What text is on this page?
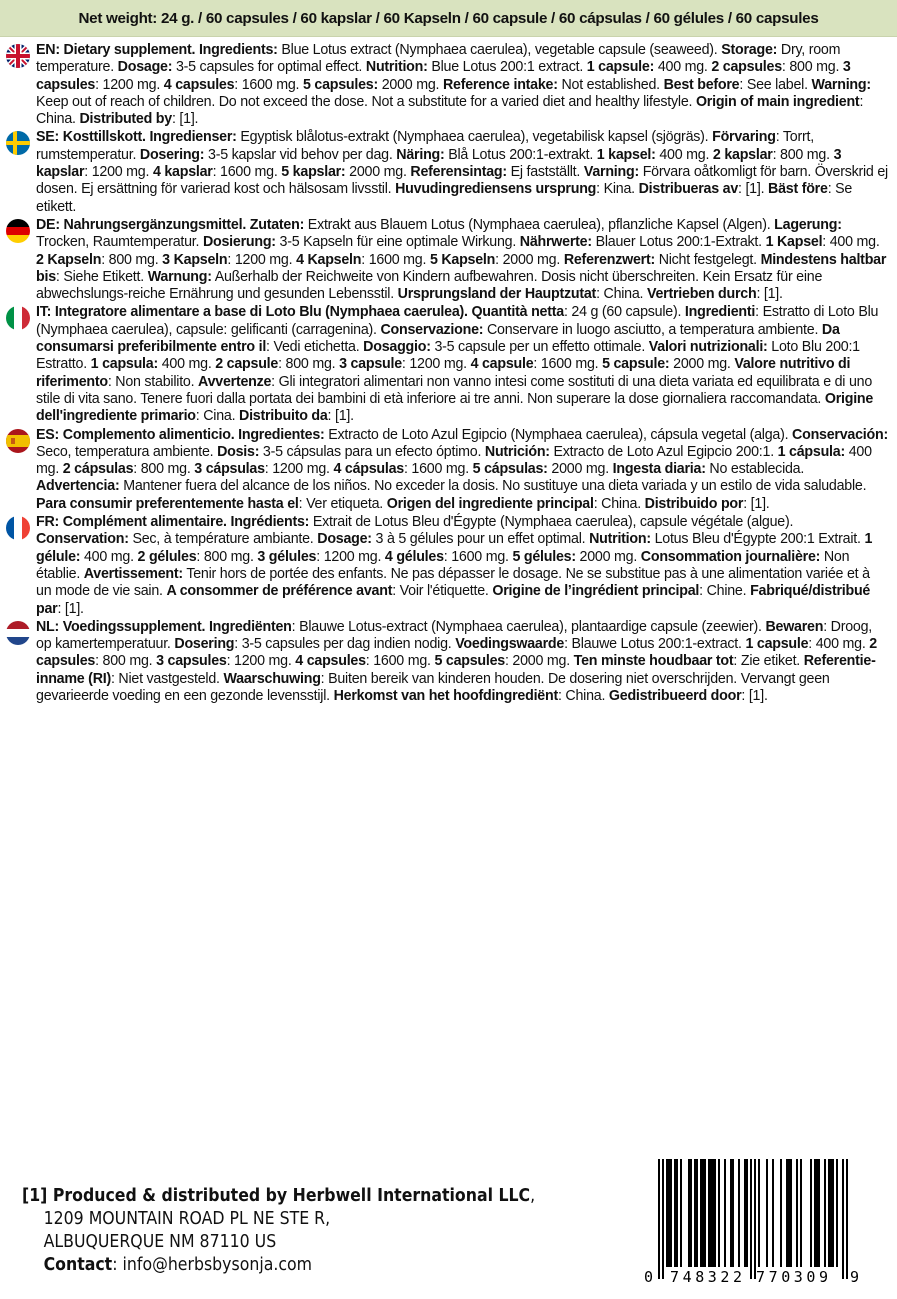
Net weight: 24 g. / 60 capsules / 60 kapslar / 60 Kapseln / 60 capsule / 60 cápsulas / 60 gélules / 60 capsules
EN: Dietary supplement. Ingredients: Blue Lotus extract (Nymphaea caerulea), vegetable capsule (seaweed). Storage: Dry, room temperature. Dosage: 3-5 capsules for optimal effect. Nutrition: Blue Lotus 200:1 extract. 1 capsule: 400 mg. 2 capsules: 800 mg. 3 capsules: 1200 mg. 4 capsules: 1600 mg. 5 capsules: 2000 mg. Reference intake: Not established. Best before: See label. Warning: Keep out of reach of children. Do not exceed the dose. Not a substitute for a varied diet and healthy lifestyle. Origin of main ingredient: China. Distributed by: [1].
SE: Kosttillskott. Ingredienser: Egyptisk blålotus-extrakt (Nymphaea caerulea), vegetabilisk kapsel (sjögräs). Förvaring: Torrt, rumstemperatur. Dosering: 3-5 kapslar vid behov per dag. Näring: Blå Lotus 200:1-extrakt. 1 kapsel: 400 mg. 2 kapslar: 800 mg. 3 kapslar: 1200 mg. 4 kapslar: 1600 mg. 5 kapslar: 2000 mg. Referensintag: Ej fastställt. Varning: Förvara oåtkomligt för barn. Överskrid ej dosen. Ej ersättning för varierad kost och hälsosam livsstil. Huvudingrediensens ursprung: Kina. Distribueras av: [1]. Bäst före: Se etikett.
DE: Nahrungsergänzungsmittel. Zutaten: Extrakt aus Blauem Lotus (Nymphaea caerulea), pflanzliche Kapsel (Algen). Lagerung: Trocken, Raumtemperatur. Dosierung: 3-5 Kapseln für eine optimale Wirkung. Nährwerte: Blauer Lotus 200:1-Extrakt. 1 Kapsel: 400 mg. 2 Kapseln: 800 mg. 3 Kapseln: 1200 mg. 4 Kapseln: 1600 mg. 5 Kapseln: 2000 mg. Referenzwert: Nicht festgelegt. Mindestens haltbar bis: Siehe Etikett. Warnung: Außerhalb der Reichweite von Kindern aufbewahren. Dosis nicht überschreiten. Kein Ersatz für eine abwechslungs-reiche Ernährung und gesunden Lebensstil. Ursprungsland der Hauptzutat: China. Vertrieben durch: [1].
IT: Integratore alimentare a base di Loto Blu (Nymphaea caerulea). Quantità netta: 24 g (60 capsule). Ingredienti: Estratto di Loto Blu (Nymphaea caerulea), capsule: gelificanti (carragenina). Conservazione: Conservare in luogo asciutto, a temperatura ambiente. Da consumarsi preferibilmente entro il: Vedi etichetta. Dosaggio: 3-5 capsule per un effetto ottimale. Valori nutrizionali: Loto Blu 200:1 Estratto. 1 capsula: 400 mg. 2 capsule: 800 mg. 3 capsule: 1200 mg. 4 capsule: 1600 mg. 5 capsule: 2000 mg. Valore nutritivo di riferimento: Non stabilito. Avvertenze: Gli integratori alimentari non vanno intesi come sostituti di una dieta variata ed equilibrata e di uno stile di vita sano. Tenere fuori dalla portata dei bambini di età inferiore ai tre anni. Non superare la dose giornaliera raccomandata. Origine dell'ingrediente primario: Cina. Distribuito da: [1].
ES: Complemento alimenticio. Ingredientes: Extracto de Loto Azul Egipcio (Nymphaea caerulea), cápsula vegetal (alga). Conservación: Seco, temperatura ambiente. Dosis: 3-5 cápsulas para un efecto óptimo. Nutrición: Extracto de Loto Azul Egipcio 200:1. 1 cápsula: 400 mg. 2 cápsulas: 800 mg. 3 cápsulas: 1200 mg. 4 cápsulas: 1600 mg. 5 cápsulas: 2000 mg. Ingesta diaria: No establecida. Advertencia: Mantener fuera del alcance de los niños. No exceder la dosis. No sustituye una dieta variada y un estilo de vida saludable. Para consumir preferentemente hasta el: Ver etiqueta. Origen del ingrediente principal: China. Distribuido por: [1].
FR: Complément alimentaire. Ingrédients: Extrait de Lotus Bleu d'Égypte (Nymphaea caerulea), capsule végétale (algue). Conservation: Sec, à température ambiante. Dosage: 3 à 5 gélules pour un effet optimal. Nutrition: Lotus Bleu d'Égypte 200:1 Extrait. 1 gélule: 400 mg. 2 gélules: 800 mg. 3 gélules: 1200 mg. 4 gélules: 1600 mg. 5 gélules: 2000 mg. Consommation journalière: Non établie. Avertissement: Tenir hors de portée des enfants. Ne pas dépasser le dosage. Ne se substitue pas à une alimentation variée et à un mode de vie sain. A consommer de préférence avant: Voir l'étiquette. Origine de l’ingrédient principal: Chine. Fabriqué/distribué par: [1].
NL: Voedingssupplement. Ingrediënten: Blauwe Lotus-extract (Nymphaea caerulea), plantaardige capsule (zeewier). Bewaren: Droog, op kamertemperatuur. Dosering: 3-5 capsules per dag indien nodig. Voedingswaarde: Blauwe Lotus 200:1-extract. 1 capsule: 400 mg. 2 capsules: 800 mg. 3 capsules: 1200 mg. 4 capsules: 1600 mg. 5 capsules: 2000 mg. Ten minste houdbaar tot: Zie etiket. Referentie-inname (RI): Niet vastgesteld. Waarschuwing: Buiten bereik van kinderen houden. De dosering niet overschrijden. Vervangt geen gevarieerde voeding en een gezonde levensstijl. Herkomst van het hoofdingrediënt: China. Gedistribueerd door: [1].
[1] Produced & distributed by Herbwell International LLC,
1209 MOUNTAIN ROAD PL NE STE R,
ALBUQUERQUE NM 87110 US
Contact: info@herbsbysonja.com
0 748322 770309 9
